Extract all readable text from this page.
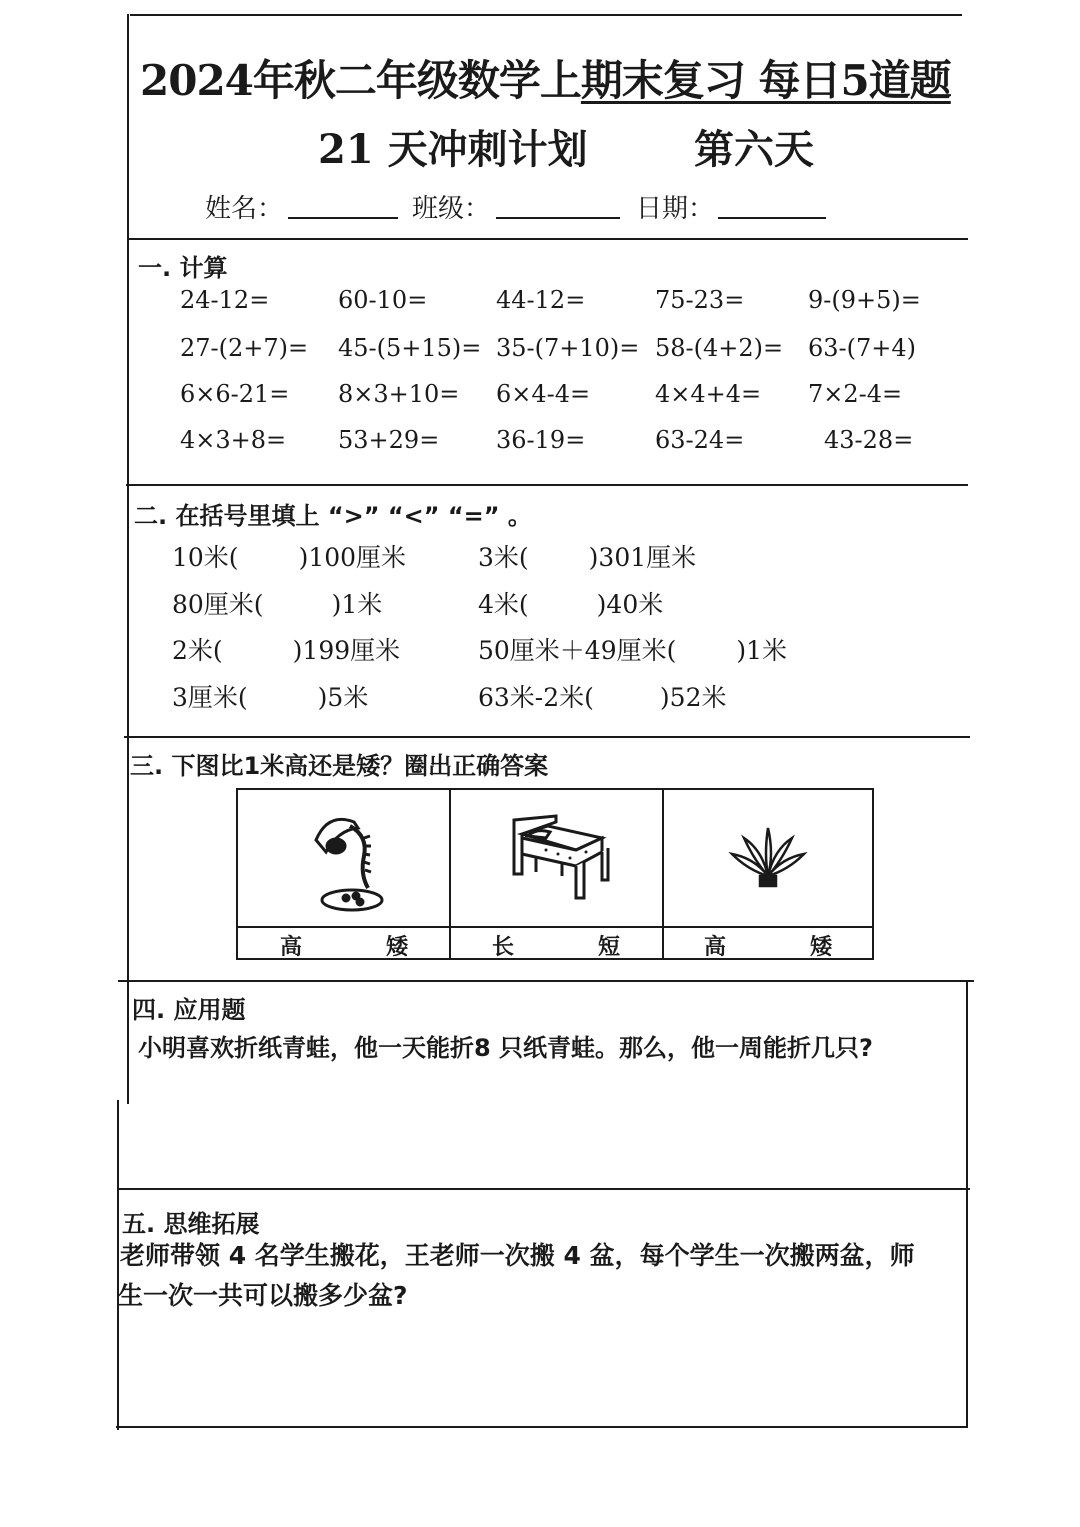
2024年秋二年级数学上期末复习 每日5道题
21 天冲刺计划	第六天
姓名：	班级：	日期：
一. 计算
24-12=	60-10=	44-12=	75-23=	9-(9+5)=
27-(2+7)= 45-(5+15)= 35-(7+10)= 58-(4+2)= 63-(7+4)
6×6-21= 8×3+10= 6×4-4=	4×4+4= 7×2-4=
4×3+8= 53+29= 36-19=	63-24=	43-28=
二. 在括号里填上 “>” “<” “=” 。
10米( )100厘米	3米( )301厘米
80厘米(	)1米	4米(	)40米
2米(	)199厘米	50厘米＋49厘米( )1米
3厘米(	)5米	63米-2米(	)52米
三. 下图比1米高还是矮？圈出正确答案
高	矮	长	短	高	矮
四. 应用题
小明喜欢折纸青蛙，他一天能折8 只纸青蛙。那么，他一周能折几只?
五. 思维拓展
老师带领 4 名学生搬花，王老师一次搬 4 盆，每个学生一次搬两盆，师
生一次一共可以搬多少盆?
